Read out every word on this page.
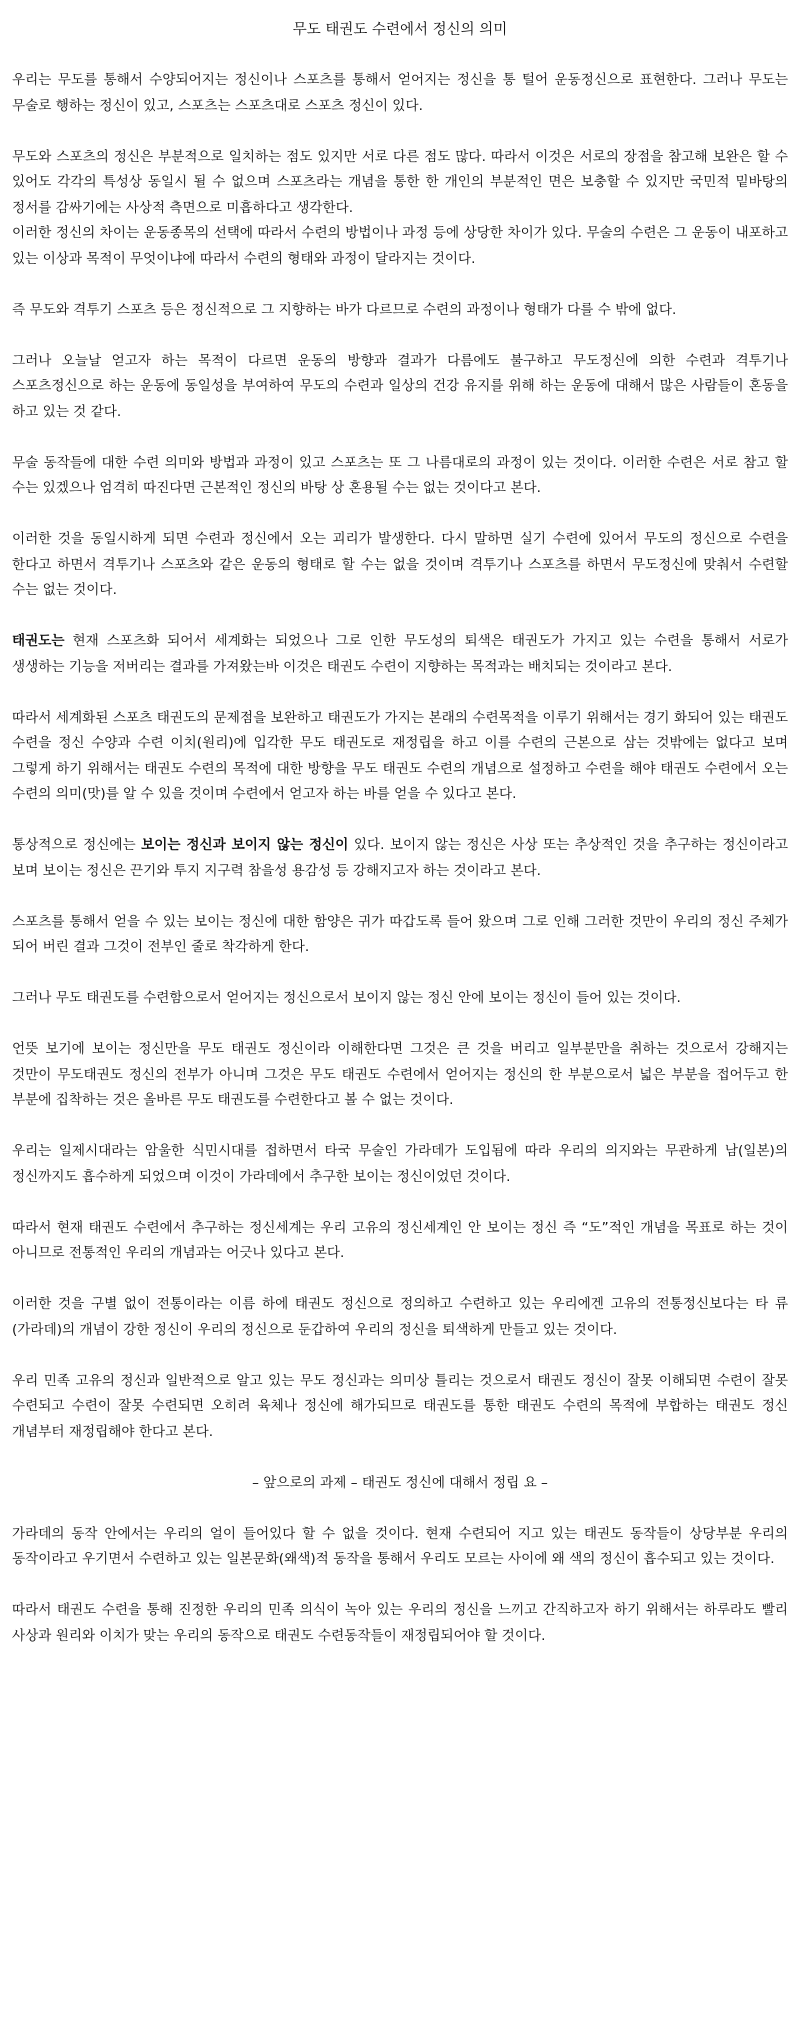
무도 태권도 수련에서 정신의 의미

우리는 무도를 통해서 수양되어지는 정신이나 스포츠를 통해서 얻어지는 정신을 통 털어 운동정신으로 표현한다. 그러나 무도는 무술로 행하는 정신이 있고, 스포츠는 스포츠대로 스포츠 정신이 있다.

무도와 스포츠의 정신은 부분적으로 일치하는 점도 있지만 서로 다른 점도 많다. 따라서 이것은 서로의 장점을 참고해 보완은 할 수 있어도 각각의 특성상 동일시 될 수 없으며 스포츠라는 개념을 통한 한 개인의 부분적인 면은 보충할 수 있지만 국민적 밑바탕의 정서를 감싸기에는 사상적 측면으로 미흡하다고 생각한다.

이러한 정신의 차이는 운동종목의 선택에 따라서 수련의 방법이나 과정 등에 상당한 차이가 있다. 무술의 수련은 그 운동이 내포하고 있는 이상과 목적이 무엇이냐에 따라서 수련의 형태와 과정이 달라지는 것이다.

즉 무도와 격투기 스포츠 등은 정신적으로 그 지향하는 바가 다르므로 수련의 과정이나 형태가 다를 수 밖에 없다.

그러나 오늘날 얻고자 하는 목적이 다르면 운동의 방향과 결과가 다름에도 불구하고 무도정신에 의한 수련과 격투기나 스포츠정신으로 하는 운동에 동일성을 부여하여 무도의 수련과 일상의 건강 유지를 위해 하는 운동에 대해서 많은 사람들이 혼동을 하고 있는 것 같다.

무술 동작들에 대한 수련 의미와 방법과 과정이 있고 스포츠는 또 그 나름대로의 과정이 있는 것이다. 이러한 수련은 서로 참고 할 수는 있겠으나 엄격히 따진다면 근본적인 정신의 바탕 상 혼용될 수는 없는 것이다고 본다.

이러한 것을 동일시하게 되면 수련과 정신에서 오는 괴리가 발생한다. 다시 말하면 실기 수련에 있어서 무도의 정신으로 수련을 한다고 하면서 격투기나 스포츠와 같은 운동의 형태로 할 수는 없을 것이며 격투기나 스포츠를 하면서 무도정신에 맞춰서 수련할 수는 없는 것이다.

태권도는 현재 스포츠화 되어서 세계화는 되었으나 그로 인한 무도성의 퇴색은 태권도가 가지고 있는 수련을 통해서 서로가 생생하는 기능을 저버리는 결과를 가져왔는바 이것은 태권도 수련이 지향하는 목적과는 배치되는 것이라고 본다.

따라서 세계화된 스포츠 태권도의 문제점을 보완하고 태권도가 가지는 본래의 수련목적을 이루기 위해서는 경기 화되어 있는 태권도 수련을 정신 수양과 수련 이치(원리)에 입각한 무도 태권도로 재정립을 하고 이를 수련의 근본으로 삼는 것밖에는 없다고 보며 그렇게 하기 위해서는 태권도 수련의 목적에 대한 방향을 무도 태권도 수련의 개념으로 설정하고 수련을 해야 태권도 수련에서 오는 수련의 의미(맛)를 알 수 있을 것이며 수련에서 얻고자 하는 바를 얻을 수 있다고 본다.

통상적으로 정신에는 보이는 정신과 보이지 않는 정신이 있다. 보이지 않는 정신은 사상 또는 추상적인 것을 추구하는 정신이라고 보며 보이는 정신은 끈기와 투지 지구력 참을성 용감성 등 강해지고자 하는 것이라고 본다.

스포츠를 통해서 얻을 수 있는 보이는 정신에 대한 함양은 귀가 따갑도록 들어 왔으며 그로 인해 그러한 것만이 우리의 정신 주체가 되어 버린 결과 그것이 전부인 줄로 착각하게 한다.

그러나 무도 태권도를 수련함으로서 얻어지는 정신으로서 보이지 않는 정신 안에 보이는 정신이 들어 있는 것이다.

언뜻 보기에 보이는 정신만을 무도 태권도 정신이라 이해한다면 그것은 큰 것을 버리고 일부분만을 취하는 것으로서 강해지는 것만이 무도태권도 정신의 전부가 아니며 그것은 무도 태권도 수련에서 얻어지는 정신의 한 부분으로서 넓은 부분을 접어두고 한 부분에 집착하는 것은 올바른 무도 태권도를 수련한다고 볼 수 없는 것이다.

우리는 일제시대라는 암울한 식민시대를 접하면서 타국 무술인 가라데가 도입됨에 따라 우리의 의지와는 무관하게 남(일본)의 정신까지도 흡수하게 되었으며 이것이 가라데에서 추구한 보이는 정신이었던 것이다.

따라서 현재 태권도 수련에서 추구하는 정신세계는 우리 고유의 정신세계인 안 보이는 정신 즉 “도”적인 개념을 목표로 하는 것이 아니므로 전통적인 우리의 개념과는 어긋나 있다고 본다.

이러한 것을 구별 없이 전통이라는 이름 하에 태권도 정신으로 정의하고 수련하고 있는 우리에겐 고유의 전통정신보다는 타 류(가라데)의 개념이 강한 정신이 우리의 정신으로 둔갑하여 우리의 정신을 퇴색하게 만들고 있는 것이다.

우리 민족 고유의 정신과 일반적으로 알고 있는 무도 정신과는 의미상 틀리는 것으로서 태권도 정신이 잘못 이해되면 수련이 잘못 수련되고 수련이 잘못 수련되면 오히려 육체나 정신에 해가되므로 태권도를 통한 태권도 수련의 목적에 부합하는 태권도 정신 개념부터 재정립해야 한다고 본다.

– 앞으로의 과제 – 태권도 정신에 대해서 정립 요 –

가라데의 동작 안에서는 우리의 얼이 들어있다 할 수 없을 것이다. 현재 수련되어 지고 있는 태권도 동작들이 상당부분 우리의 동작이라고 우기면서 수련하고 있는 일본문화(왜색)적 동작을 통해서 우리도 모르는 사이에 왜 색의 정신이 흡수되고 있는 것이다.

따라서 태권도 수련을 통해 진정한 우리의 민족 의식이 녹아 있는 우리의 정신을 느끼고 간직하고자 하기 위해서는 하루라도 빨리 사상과 원리와 이치가 맞는 우리의 동작으로 태권도 수련동작들이 재정립되어야 할 것이다.
